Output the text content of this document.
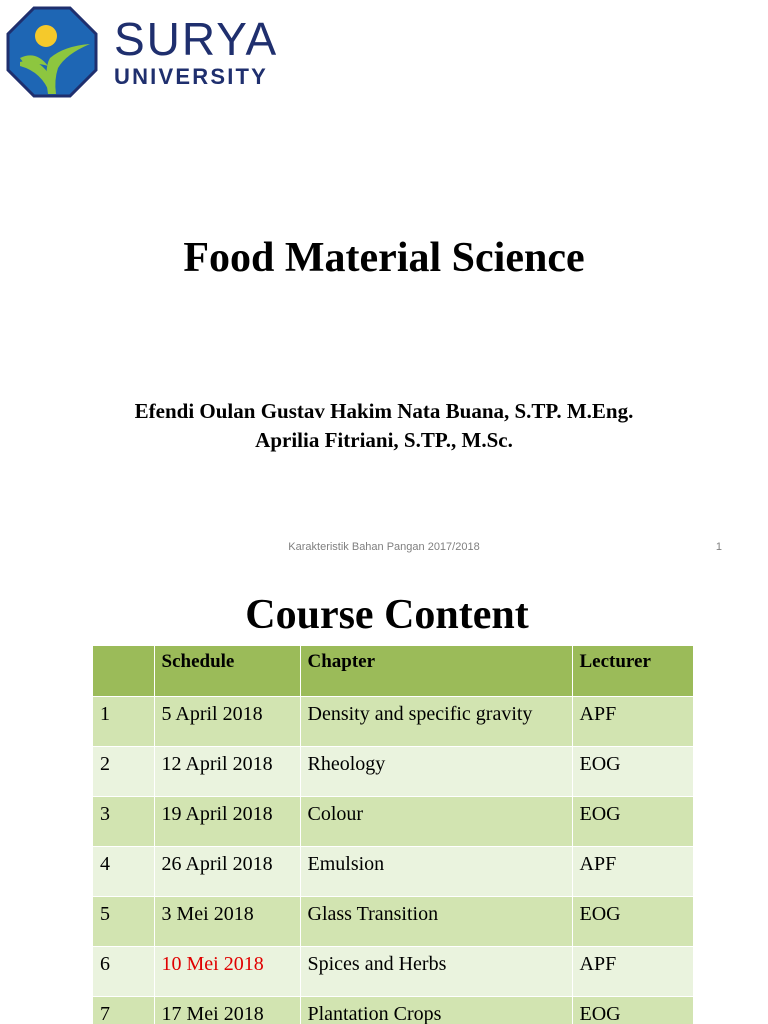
SURYA
UNIVERSITY
Food Material Science
Efendi Oulan Gustav Hakim Nata Buana, S.TP. M.Eng.
Aprilia Fitriani, S.TP., M.Sc.
Karakteristik Bahan Pangan 2017/2018	1
Course Content
	Schedule	Chapter	Lecturer
1	5 April 2018	Density and specific gravity	APF
2	12 April 2018	Rheology	EOG
3	19 April 2018	Colour	EOG
4	26 April 2018	Emulsion	APF
5	3 Mei 2018	Glass Transition	EOG
6	10 Mei 2018	Spices and Herbs	APF
7	17 Mei 2018	Plantation Crops	EOG
